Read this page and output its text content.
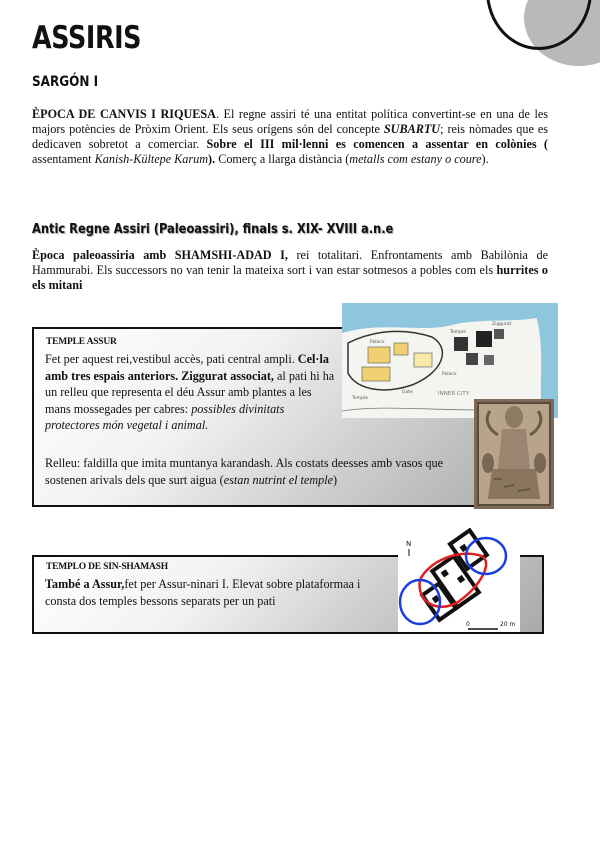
ASSIRIS
SARGÓN I

ÈPOCA DE CANVIS I RIQUESA. El regne assiri té una entitat política convertint-se en una de les majors potències de Pròxim Orient. Els seus orígens són del concepte SUBARTU; reis nòmades que es dedicaven sobretot a comerciar. Sobre el III mil·lenni es comencen a assentar en colònies ( assentament Kanish-Kültepe Karum). Comerç a llarga distància (metalls com estany o coure).

Antic Regne Assiri (Paleoassiri), finals s. XIX- XVIII a.n.e

Època paleoassiria amb SHAMSHI-ADAD I, rei totalitari. Enfrontaments amb Babilònia de Hammurabi. Els successors no van tenir la mateixa sort i van estar sotmesos a pobles com els hurrites o els mitani

TEMPLE ASSUR

Fet per aquest rei,vestibul accès, pati central ampli. Cel·la amb tres espais anteriors. Ziggurat associat, al pati hi ha un relleu que representa el déu Assur amb plantes a les mans mossegades per cabres: possibles divinitats protectores món vegetal i animal.

Relleu: faldilla que imita muntanya karandash. Als costats deesses amb vasos que sostenen arivals dels que surt aigua (estan nutrint el temple)

Palace
Temple
Ziggurat
Palace
Gate
Temple
INNER CITY

TEMPLO DE SIN-SHAMASH

També a Assur,fet per Assur-ninari I. Elevat sobre plataformaa i consta dos temples bessons separats per un pati

N
0	20 m
